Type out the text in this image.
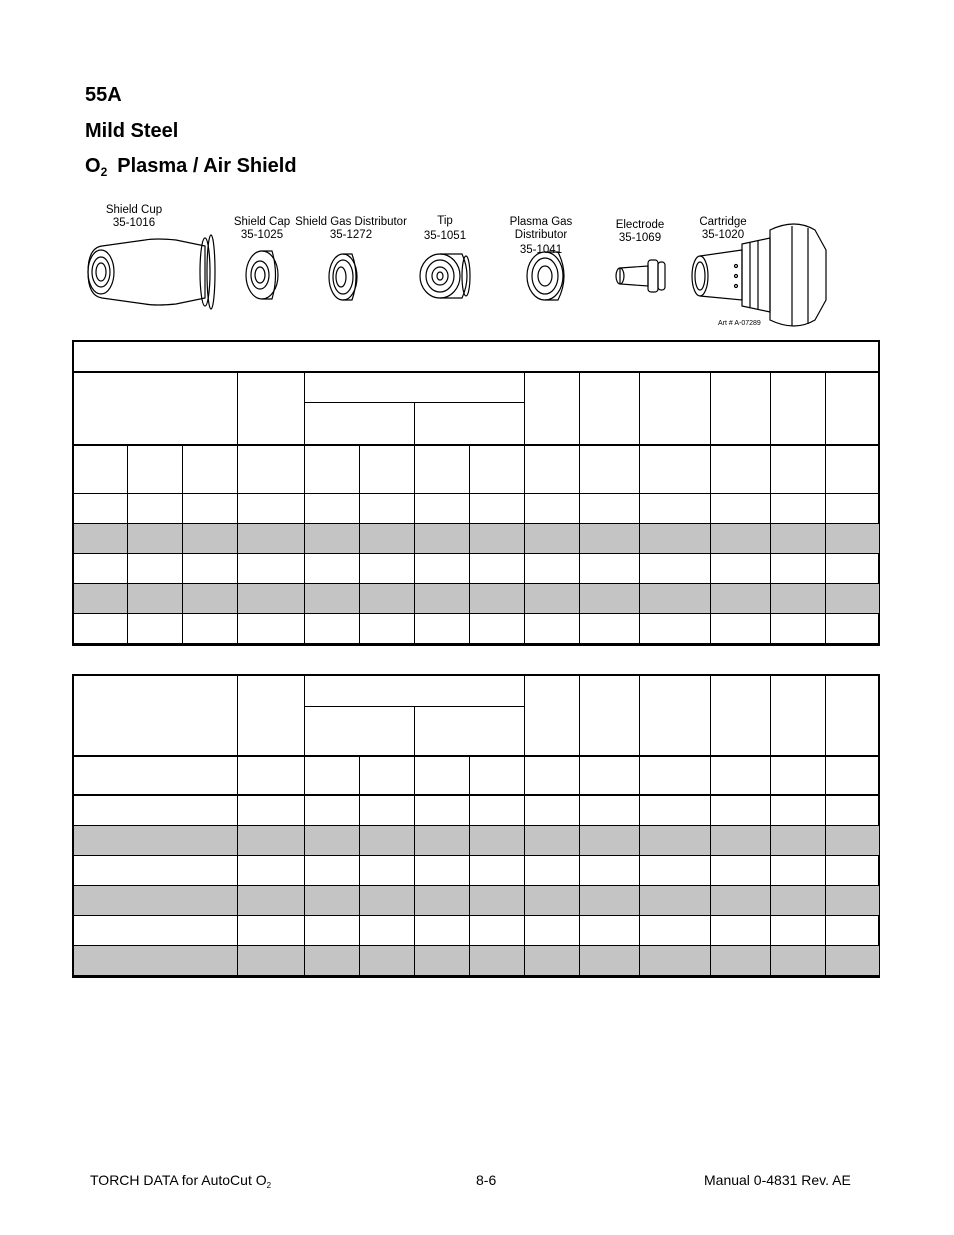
55A
Mild Steel
$O_2$ Plasma / Air Shield
Shield Cup
35-1016	Shield Cap
35-1025
Shield Gas Distributor
35-1272
Tip
35-1051
Plasma Gas Distributor
35-1041
Electrode
35-1069
Cartridge
35-1020
Art # A-07289

TORCH DATA for AutoCut $O_2$	8-6	Manual 0-4831 Rev. AE
